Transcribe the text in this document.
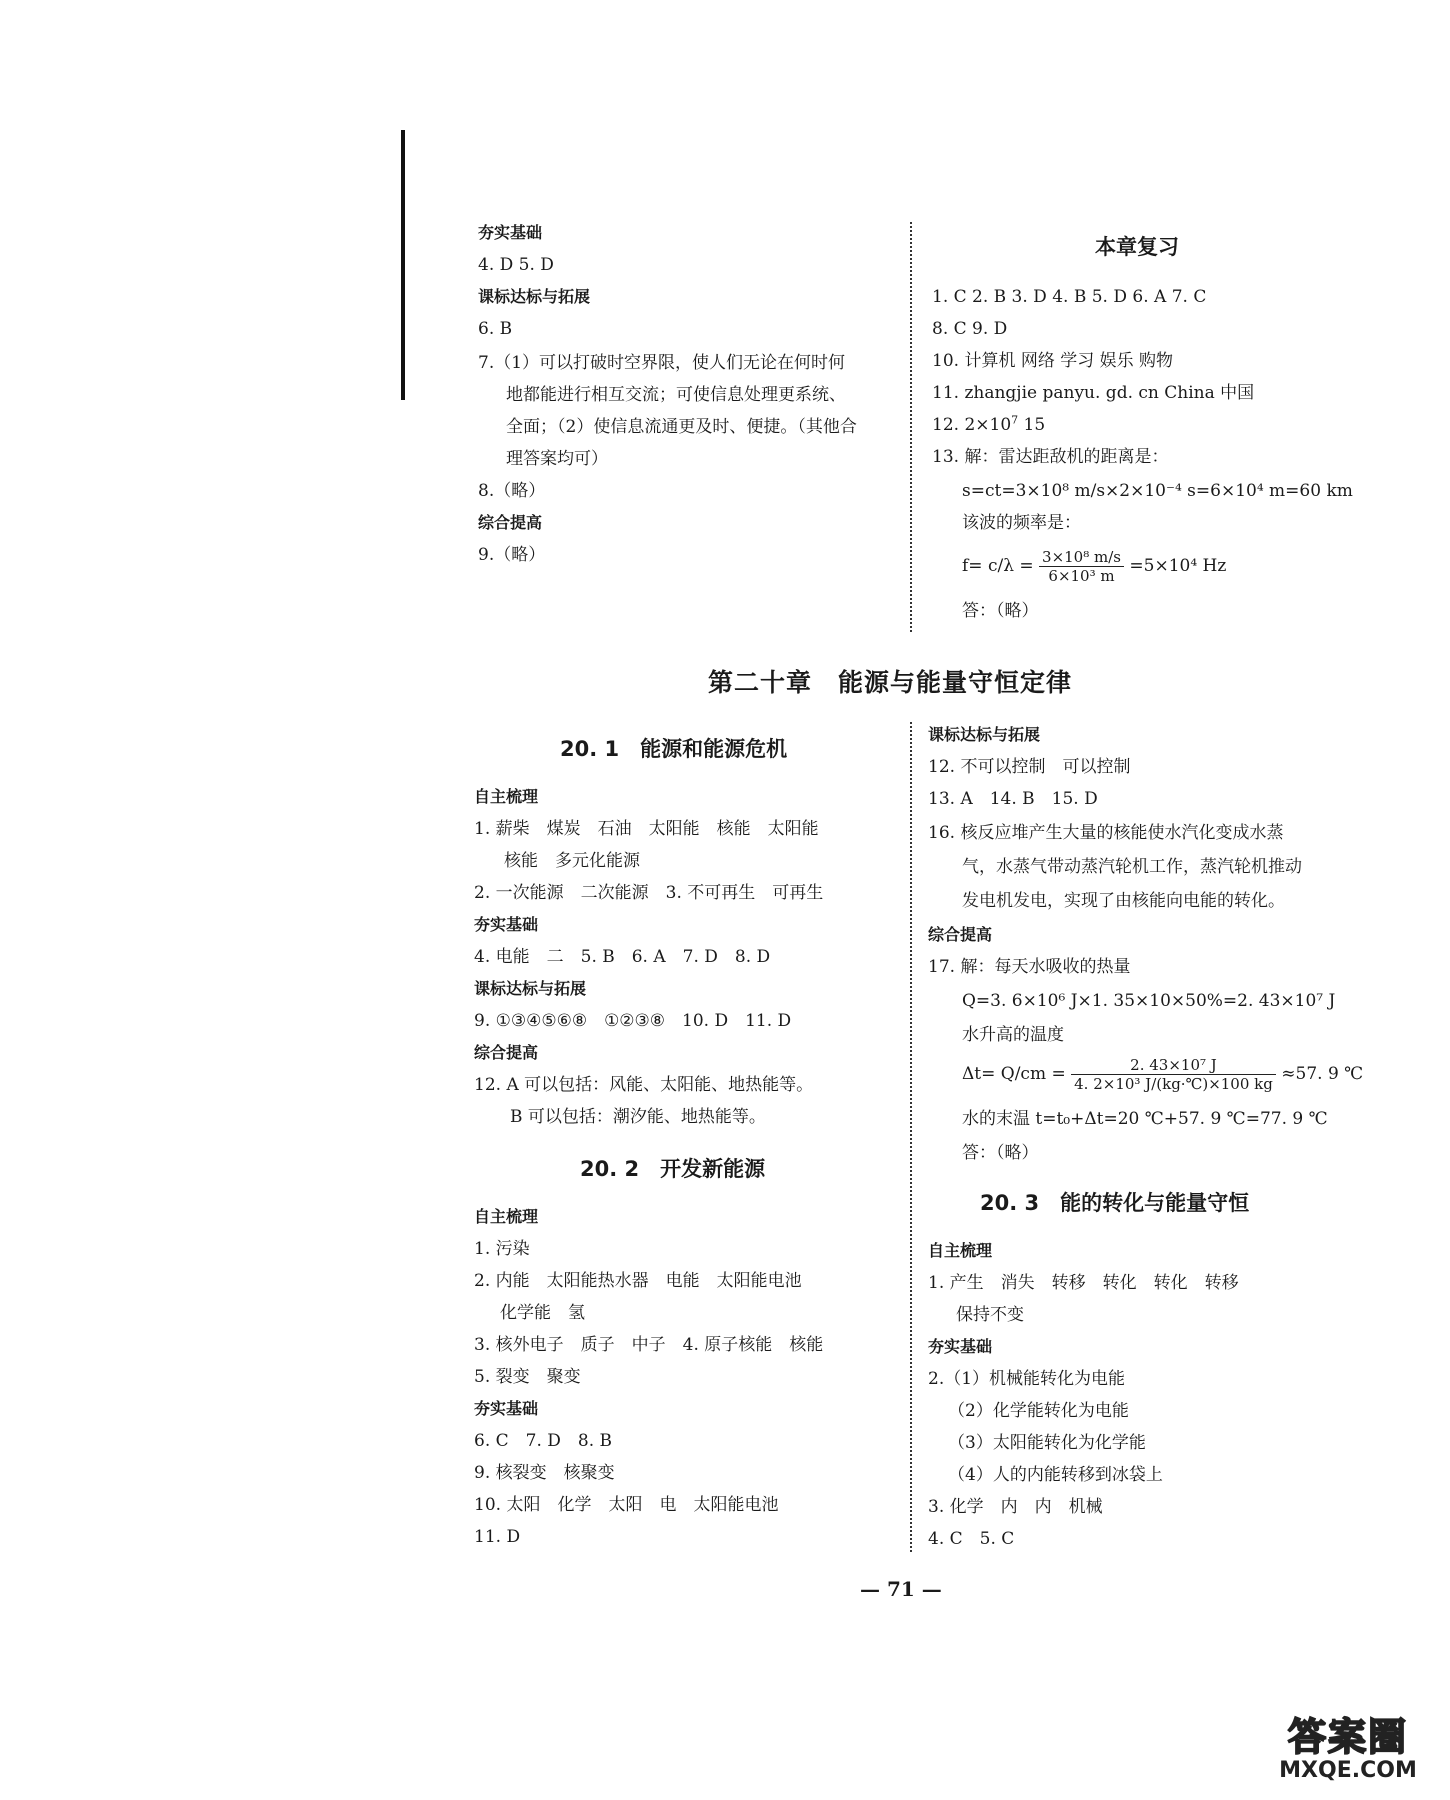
夯实基础
4. D 5. D
课标达标与拓展
6. B
7.（1）可以打破时空界限，使人们无论在何时何
地都能进行相互交流；可使信息处理更系统、
全面；（2）使信息流通更及时、便捷。（其他合
理答案均可）
8.（略）
综合提高
9.（略）
本章复习
1. C 2. B 3. D 4. B 5. D 6. A 7. C
8. C 9. D
10. 计算机 网络 学习 娱乐 购物
11. zhangjie panyu. gd. cn China 中国
12. $2\times 10^7$ 15
13. 解：雷达距敌机的距离是：
s=ct=3×10⁸ m/s×2×10⁻⁴ s=6×10⁴ m=60 km
该波的频率是：
$f= c/\lambda = \frac{\text{3×10⁸ m/s}}{\text{6×10³ m}} =5\times 10^4$ Hz
答：（略）
第二十章　能源与能量守恒定律
20. 1　能源和能源危机
自主梳理
1. 薪柴　煤炭　石油　太阳能　核能　太阳能
核能　多元化能源
2. 一次能源　二次能源　3. 不可再生　可再生
夯实基础
4. 电能　二　5. B　6. A　7. D　8. D
课标达标与拓展
9. ①③④⑤⑥⑧　①②③⑧　10. D　11. D
综合提高
12. A 可以包括：风能、太阳能、地热能等。
B 可以包括：潮汐能、地热能等。
20. 2　开发新能源
自主梳理
1. 污染
2. 内能　太阳能热水器　电能　太阳能电池
化学能　氢
3. 核外电子　质子　中子　4. 原子核能　核能
5. 裂变　聚变
夯实基础
6. C　7. D　8. B
9. 核裂变　核聚变
10. 太阳　化学　太阳　电　太阳能电池
11. D
课标达标与拓展
12. 不可以控制　可以控制
13. A　14. B　15. D
16. 核反应堆产生大量的核能使水汽化变成水蒸
气，水蒸气带动蒸汽轮机工作，蒸汽轮机推动
发电机发电，实现了由核能向电能的转化。
综合提高
17. 解：每天水吸收的热量
Q=3. 6×10⁶ J×1. 35×10×50%=2. 43×10⁷ J
水升高的温度
$\Delta t= Q/cm = \frac{\text{2. 43×10⁷ J}}{\text{4. 2×10³ J/(kg·℃)×100 kg}} \approx 57$. 9 ℃
水的末温 t=t₀+Δt=20 ℃+57. 9 ℃=77. 9 ℃
答：（略）
20. 3　能的转化与能量守恒
自主梳理
1. 产生　消失　转移　转化　转化　转移
保持不变
夯实基础
2.（1）机械能转化为电能
（2）化学能转化为电能
（3）太阳能转化为化学能
（4）人的内能转移到冰袋上
3. 化学　内　内　机械
4. C　5. C
— 71 —
答案圈
MXQE.COM
